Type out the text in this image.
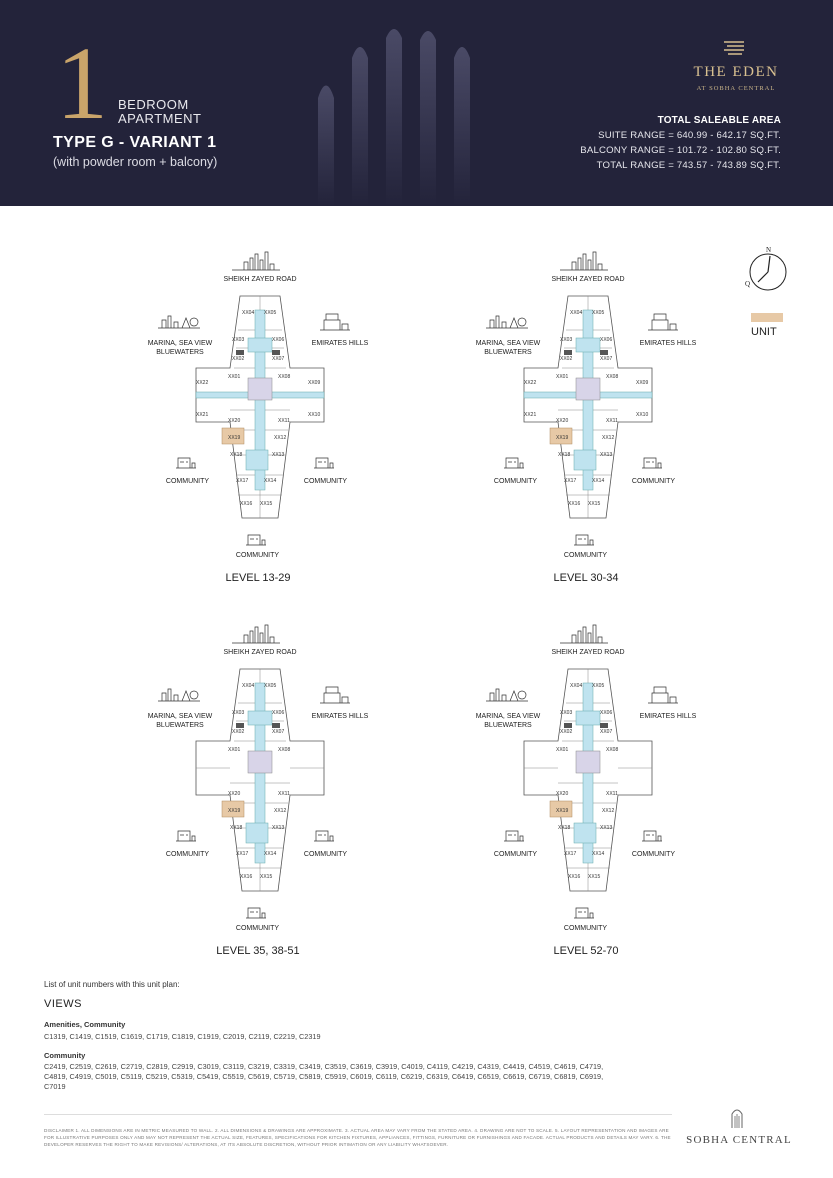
1 BEDROOM
APARTMENT
TYPE G - VARIANT 1
(with powder room + balcony)
THE EDEN
AT SOBHA CENTRAL
TOTAL SALEABLE AREA
SUITE RANGE = 640.99 - 642.17 SQ.FT.
BALCONY RANGE = 101.72 - 102.80 SQ.FT.
TOTAL RANGE = 743.57 - 743.89 SQ.FT.
XX04 XX05
XX03	XX06
XX02	XX07
XX01	XX08
XX22	XX09
XX21	XX10
XX20	XX11
XX19	XX12
XX18	XX13
XX17	XX14
XX16 XX15
SHEIKH ZAYED ROAD
MARINA, SEA VIEW
BLUEWATERS
EMIRATES HILLS
COMMUNITY	COMMUNITY
COMMUNITY
LEVEL 13-29
XX04 XX05
XX03	XX06
XX02	XX07
XX01	XX08
XX22	XX09
XX21	XX10
XX20	XX11
XX19	XX12
XX18	XX13
XX17	XX14
XX16 XX15
SHEIKH ZAYED ROAD
MARINA, SEA VIEW
BLUEWATERS
EMIRATES HILLS
COMMUNITY	COMMUNITY
COMMUNITY
LEVEL 30-34
XX04 XX05
XX03	XX06
XX02	XX07
XX01	XX08
XX20	XX11
XX19	XX12
XX18	XX13
XX17	XX14
XX16 XX15
SHEIKH ZAYED ROAD
MARINA, SEA VIEW
BLUEWATERS
EMIRATES HILLS
COMMUNITY	COMMUNITY
COMMUNITY
LEVEL 35, 38-51
XX04 XX05
XX03	XX06
XX02	XX07
XX01	XX08
XX20	XX11
XX19	XX12
XX18	XX13
XX17	XX14
XX16 XX15
SHEIKH ZAYED ROAD
MARINA, SEA VIEW
BLUEWATERS
EMIRATES HILLS
COMMUNITY	COMMUNITY
COMMUNITY
LEVEL 52-70
N
Q
UNIT
List of unit numbers with this unit plan:
VIEWS
Amenities, Community
C1319, C1419, C1519, C1619, C1719, C1819, C1919, C2019, C2119, C2219, C2319
Community
C2419, C2519, C2619, C2719, C2819, C2919, C3019, C3119, C3219, C3319, C3419, C3519, C3619, C3919, C4019, C4119, C4219, C4319, C4419, C4519, C4619, C4719, C4819, C4919, C5019, C5119, C5219, C5319, C5419, C5519, C5619, C5719, C5819, C5919, C6019, C6119, C6219, C6319, C6419, C6519, C6619, C6719, C6819, C6919, C7019
DISCLAIMER 1. ALL DIMENSIONS ARE IN METRIC MEASURED TO WALL. 2. ALL DIMENSIONS & DRAWINGS ARE APPROXIMATE. 3. ACTUAL AREA MAY VARY FROM THE STATED AREA. 4. DRAWING ARE NOT TO SCALE. 5. LAYOUT REPRESENTATION AND IMAGES ARE FOR ILLUSTRATIVE PURPOSES ONLY AND MAY NOT REPRESENT THE ACTUAL SIZE, FEATURES, SPECIFICATIONS FOR KITCHEN FIXTURES, APPLIANCES, FITTINGS, FURNITURE OR FURNISHINGS AND FACADE. ACTUAL PRODUCTS AND DETAILS MAY VARY. 6. THE DEVELOPER RESERVES THE RIGHT TO MAKE REVISIONS/ ALTERATIONS, AT ITS ABSOLUTE DISCRETION, WITHOUT PRIOR INTIMATION OR ANY LIABILITY WHATSOEVER.	SOBHA CENTRAL
